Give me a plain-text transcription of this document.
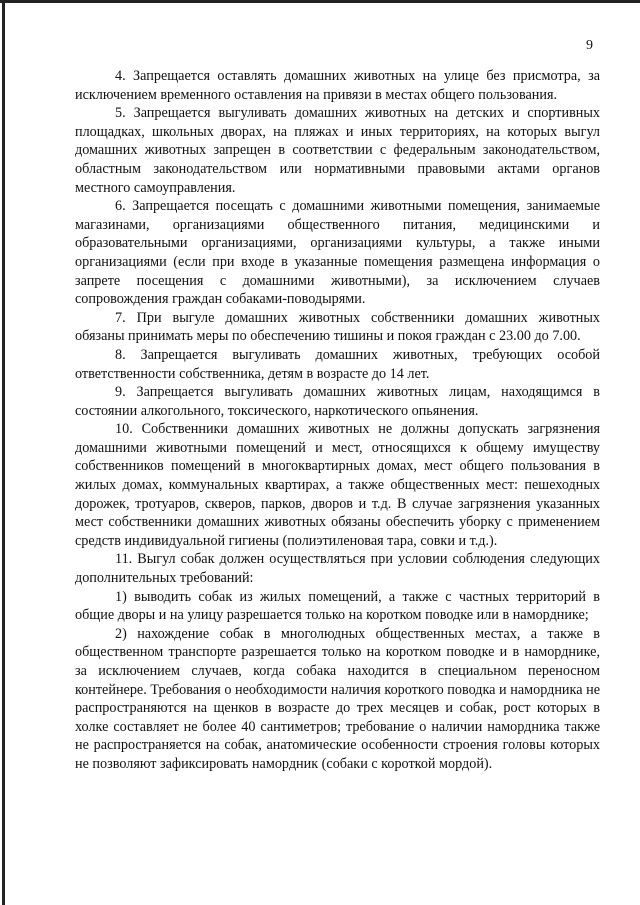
9

4. Запрещается оставлять домашних животных на улице без присмотра, за исключением временного оставления на привязи в местах общего пользования.

5. Запрещается выгуливать домашних животных на детских и спортивных площадках, школьных дворах, на пляжах и иных территориях, на которых выгул домашних животных запрещен в соответствии с федеральным законодательством, областным законодательством или нормативными правовыми актами органов местного самоуправления.

6. Запрещается посещать с домашними животными помещения, занимаемые магазинами, организациями общественного питания, медицинскими и образовательными организациями, организациями культуры, а также иными организациями (если при входе в указанные помещения размещена информация о запрете посещения с домашними животными), за исключением случаев сопровождения граждан собаками-поводырями.

7. При выгуле домашних животных собственники домашних животных обязаны принимать меры по обеспечению тишины и покоя граждан с 23.00 до 7.00.

8. Запрещается выгуливать домашних животных, требующих особой ответственности собственника, детям в возрасте до 14 лет.

9. Запрещается выгуливать домашних животных лицам, находящимся в состоянии алкогольного, токсического, наркотического опьянения.

10. Собственники домашних животных не должны допускать загрязнения домашними животными помещений и мест, относящихся к общему имуществу собственников помещений в многоквартирных домах, мест общего пользования в жилых домах, коммунальных квартирах, а также общественных мест: пешеходных дорожек, тротуаров, скверов, парков, дворов и т.д. В случае загрязнения указанных мест собственники домашних животных обязаны обеспечить уборку с применением средств индивидуальной гигиены (полиэтиленовая тара, совки и т.д.).

11. Выгул собак должен осуществляться при условии соблюдения следующих дополнительных требований:

1) выводить собак из жилых помещений, а также с частных территорий в общие дворы и на улицу разрешается только на коротком поводке или в наморднике;

2) нахождение собак в многолюдных общественных местах, а также в общественном транспорте разрешается только на коротком поводке и в наморднике, за исключением случаев, когда собака находится в специальном переносном контейнере. Требования о необходимости наличия короткого поводка и намордника не распространяются на щенков в возрасте до трех месяцев и собак, рост которых в холке составляет не более 40 сантиметров; требование о наличии намордника также не распространяется на собак, анатомические особенности строения головы которых не позволяют зафиксировать намордник (собаки с короткой мордой).
